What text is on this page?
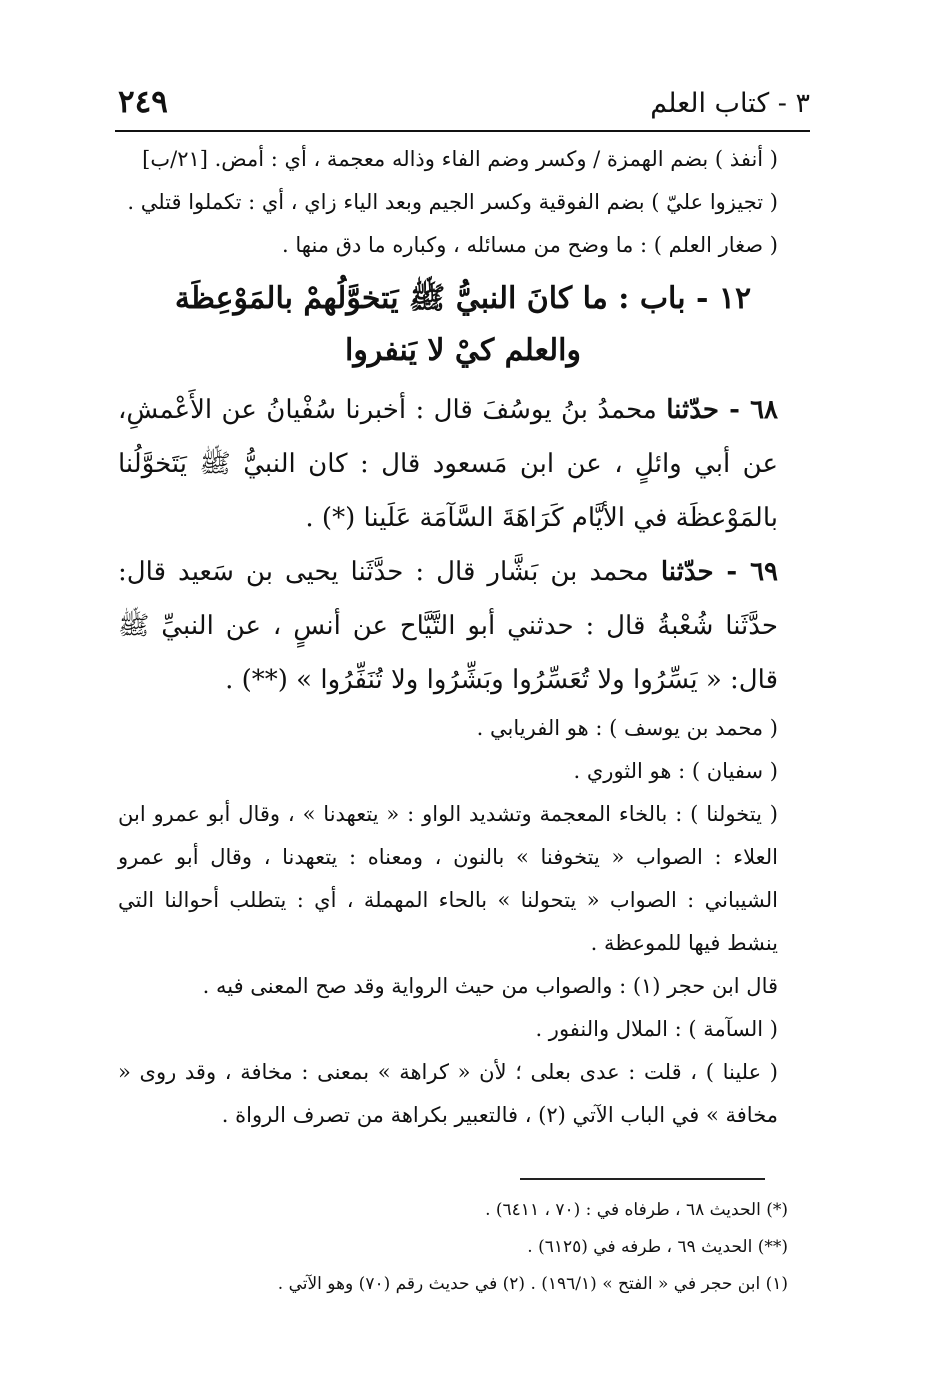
٣ - كتاب العلم
٢٤٩

( أنفذ ) بضم الهمزة / وكسر وضم الفاء وذاله معجمة ، أي : أمض. [٢١/ب]

( تجيزوا عليّ ) بضم الفوقية وكسر الجيم وبعد الياء زاي ، أي : تكملوا قتلي .

( صغار العلم ) : ما وضح من مسائله ، وكباره ما دق منها .

١٢ - باب : ما كانَ النبيُّ ﷺ يَتخوَّلُهمْ بالمَوْعِظَة
والعلم كيْ لا يَنفروا

٦٨ - حدّثنا محمدُ بنُ يوسُفَ قال : أخبرنا سُفْيانُ عن الأَعْمشِ، عن أبي وائلٍ ، عن ابن مَسعود قال : كان النبيُّ ﷺ يَتَخوَّلُنا بالمَوْعظَة في الأيَّام كَرَاهَةَ السَّآمَة عَلَينا (*) .

٦٩ - حدّثنا محمد بن بَشَّار قال : حدَّثَنا يحيى بن سَعيد قال: حدَّثَنا شُعْبةُ قال : حدثني أبو التَّيَّاح عن أنسٍ ، عن النبيِّ ﷺ قال: « يَسِّرُوا ولا تُعَسِّرُوا وبَشِّرُوا ولا تُنَفِّرُوا » (**) .

( محمد بن يوسف ) : هو الفريابي .

( سفيان ) : هو الثوري .

( يتخولنا ) : بالخاء المعجمة وتشديد الواو : « يتعهدنا » ، وقال أبو عمرو ابن العلاء : الصواب « يتخوفنا » بالنون ، ومعناه : يتعهدنا ، وقال أبو عمرو الشيباني : الصواب « يتحولنا » بالحاء المهملة ، أي : يتطلب أحوالنا التي ينشط فيها للموعظة .

قال ابن حجر (١) : والصواب من حيث الرواية وقد صح المعنى فيه .

( السآمة ) : الملال والنفور .

( علينا ) ، قلت : عدى بعلى ؛ لأن « كراهة » بمعنى : مخافة ، وقد روى « مخافة » في الباب الآتي (٢) ، فالتعبير بكراهة من تصرف الرواة .

(*) الحديث ٦٨ ، طرفاه في : (٧٠ ، ٦٤١١) .

(**) الحديث ٦٩ ، طرفه في (٦١٢٥) .

(١) ابن حجر في « الفتح » (١٩٦/١) . (٢) في حديث رقم (٧٠) وهو الآتي .
